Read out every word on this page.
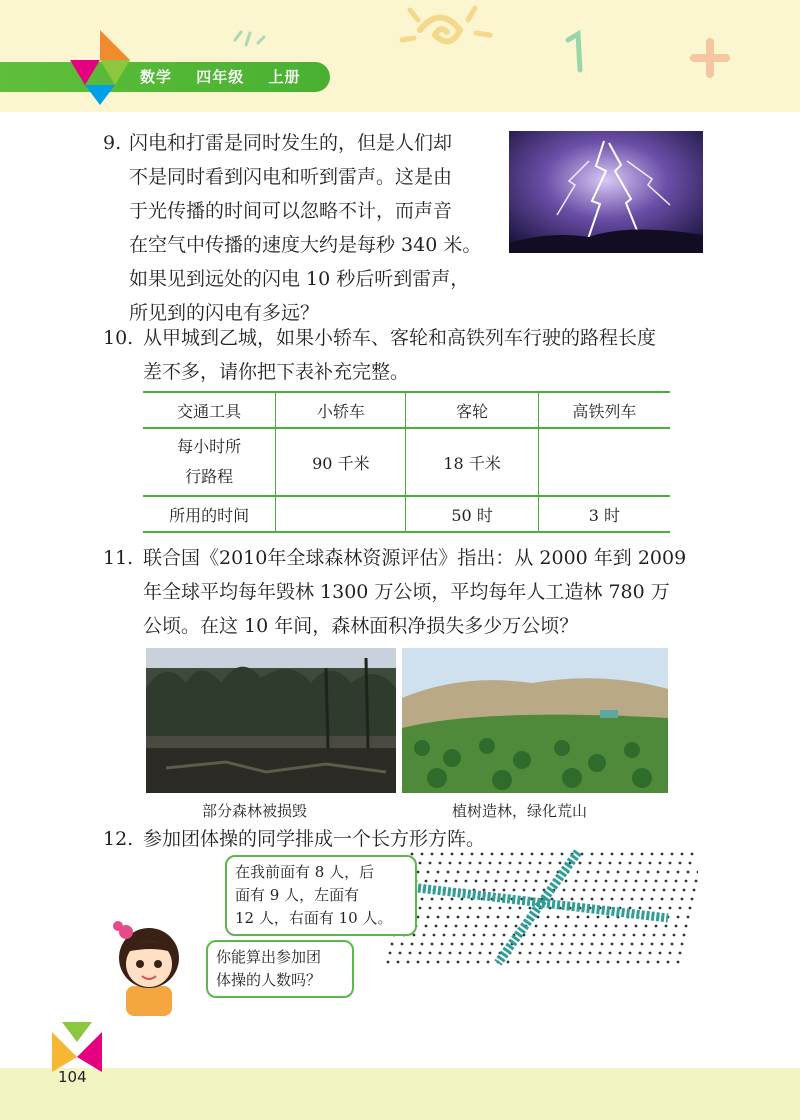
数学 四年级 上册
9. 闪电和打雷是同时发生的，但是人们却
不是同时看到闪电和听到雷声。这是由
于光传播的时间可以忽略不计，而声音
在空气中传播的速度大约是每秒 340 米。
如果见到远处的闪电 10 秒后听到雷声，
所见到的闪电有多远？
10. 从甲城到乙城，如果小轿车、客轮和高铁列车行驶的路程长度
差不多，请你把下表补充完整。
交通工具	小轿车	客轮	高铁列车

每小时所
行路程	90 千米	18 千米	
所用的时间		50 时	3 时
11. 联合国《2010年全球森林资源评估》指出：从 2000 年到 2009
年全球平均每年毁林 1300 万公顷，平均每年人工造林 780 万
公顷。在这 10 年间，森林面积净损失多少万公顷？
部分森林被损毁	植树造林，绿化荒山
12. 参加团体操的同学排成一个长方形方阵。
在我前面有 8 人，后
面有 9 人，左面有
12 人，右面有 10 人。
你能算出参加团
体操的人数吗？
104
